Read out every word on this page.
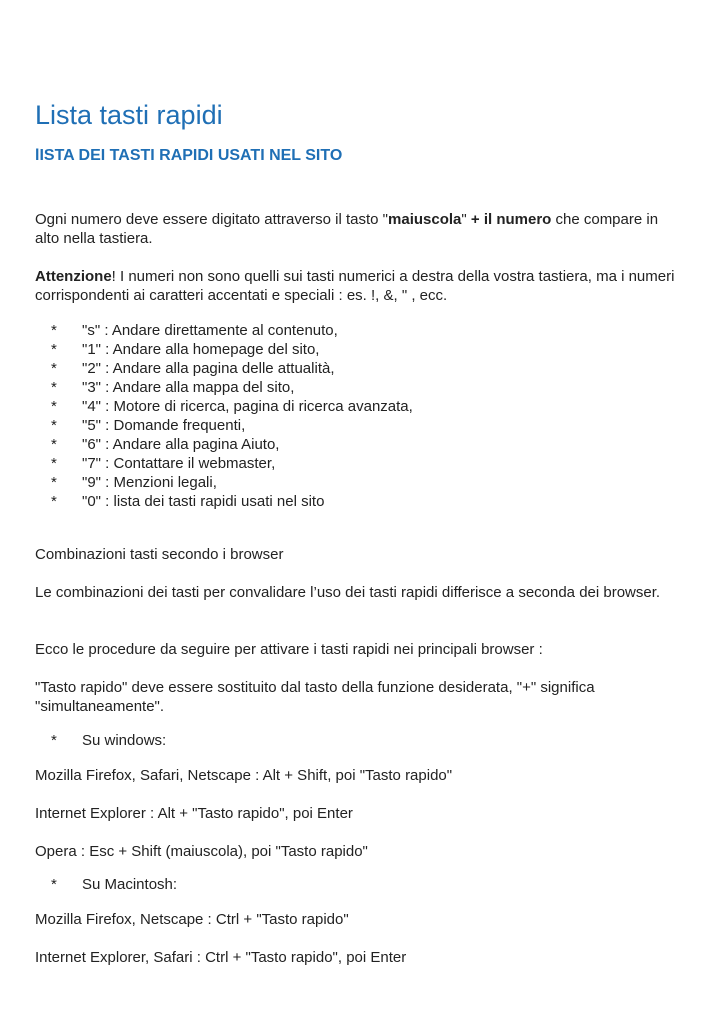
Lista tasti rapidi
lISTA DEI TASTI RAPIDI USATI NEL SITO

Ogni numero deve essere digitato attraverso il tasto "maiuscola" + il numero che compare in alto nella tastiera.

Attenzione! I numeri non sono quelli sui tasti numerici a destra della vostra tastiera, ma i numeri corrispondenti ai caratteri accentati e speciali : es. !, &, " , ecc.

* "s" : Andare direttamente al contenuto,
* "1" : Andare alla homepage del sito,
* "2" : Andare alla pagina delle attualità,
* "3" : Andare alla mappa del sito,
* "4" : Motore di ricerca, pagina di ricerca avanzata,
* "5" : Domande frequenti,
* "6" : Andare alla pagina Aiuto,
* "7" : Contattare il webmaster,
* "9" : Menzioni legali,
* "0" : lista dei tasti rapidi usati nel sito

Combinazioni tasti secondo i browser

Le combinazioni dei tasti per convalidare l’uso dei tasti rapidi differisce a seconda dei browser.

Ecco le procedure da seguire per attivare i tasti rapidi nei principali browser :

"Tasto rapido" deve essere sostituito dal tasto della funzione desiderata, "+" significa "simultaneamente".

* Su windows:

Mozilla Firefox, Safari, Netscape : Alt + Shift, poi "Tasto rapido"

Internet Explorer : Alt + "Tasto rapido", poi Enter

Opera : Esc + Shift (maiuscola), poi "Tasto rapido"

* Su Macintosh:

Mozilla Firefox, Netscape : Ctrl + "Tasto rapido"

Internet Explorer, Safari : Ctrl + "Tasto rapido", poi Enter
